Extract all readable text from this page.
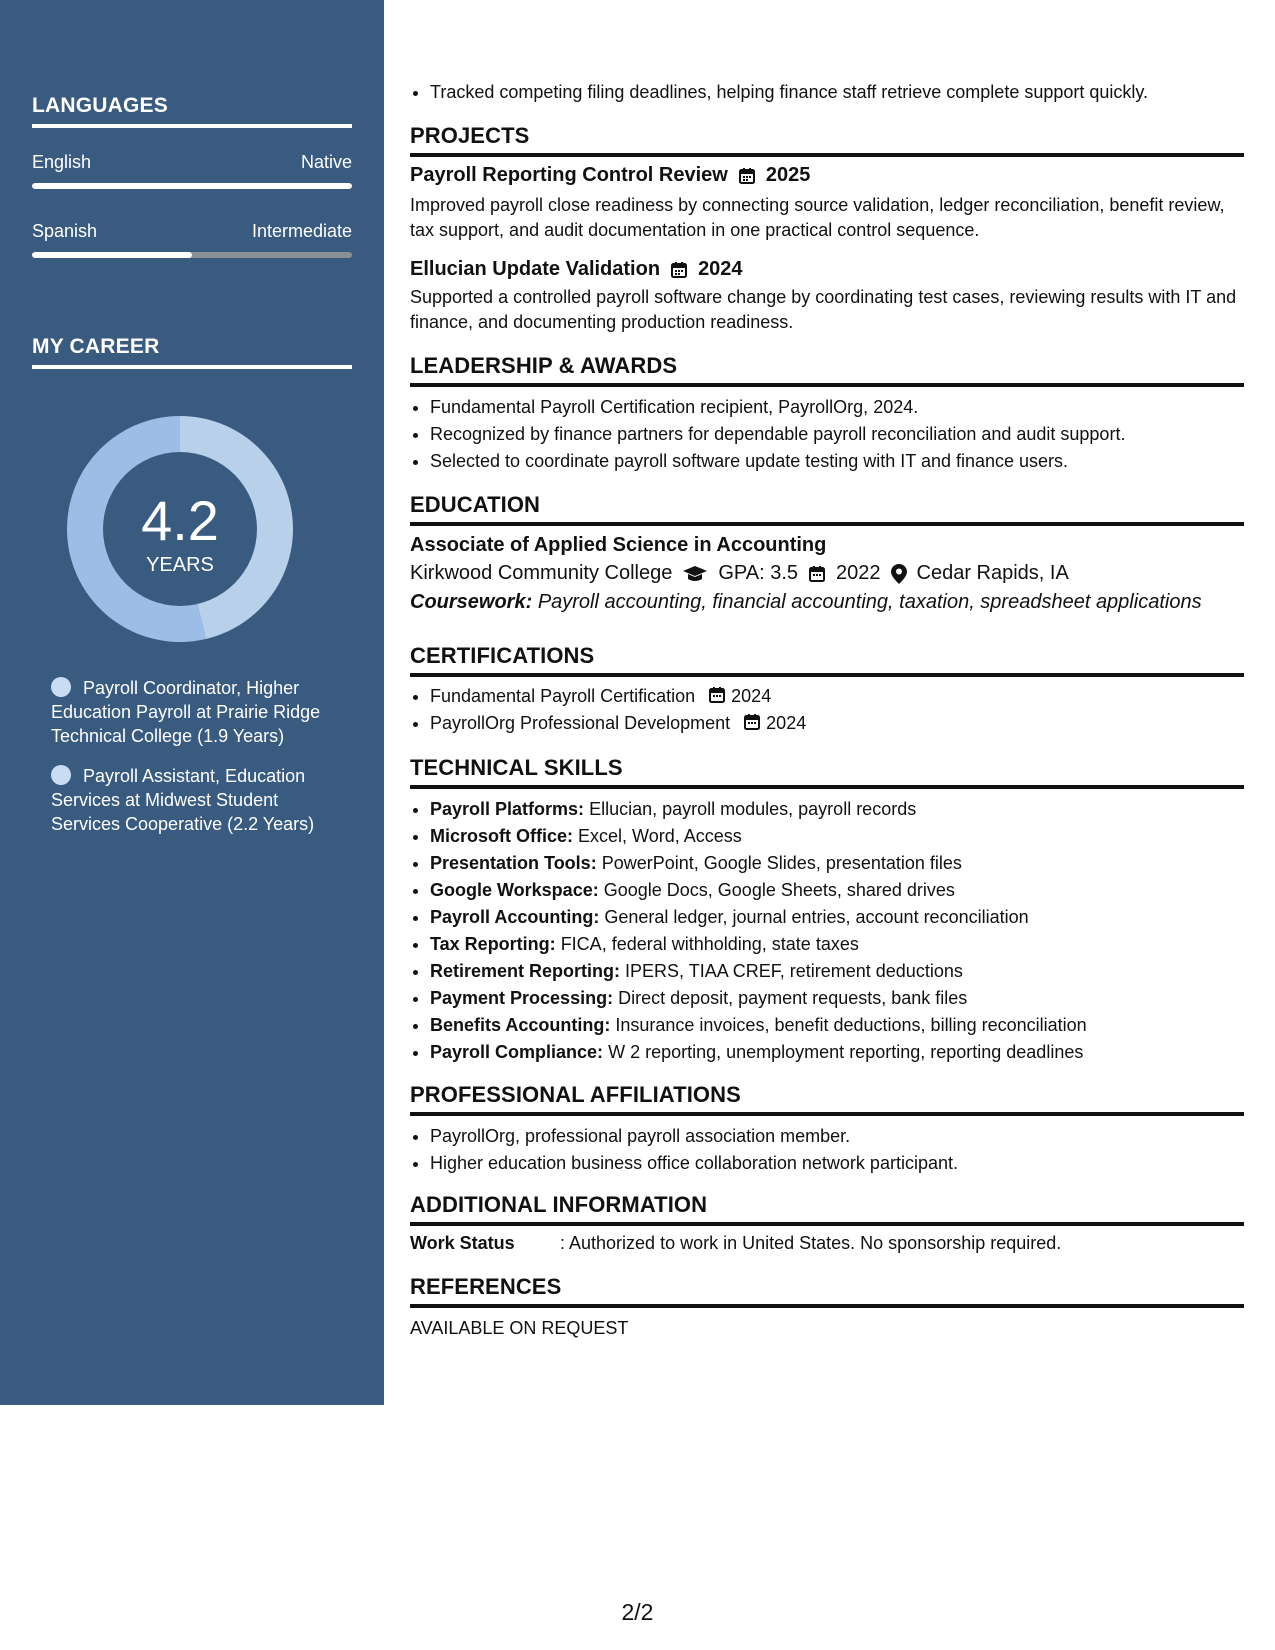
LANGUAGES
English	Native
Spanish	Intermediate
MY CAREER
4.2
YEARS
Payroll Coordinator, Higher Education Payroll at Prairie Ridge Technical College (1.9 Years)
Payroll Assistant, Education Services at Midwest Student Services Cooperative (2.2 Years)
• Tracked competing filing deadlines, helping finance staff retrieve complete support quickly.
PROJECTS
Payroll Reporting Control Review 2025
Improved payroll close readiness by connecting source validation, ledger reconciliation, benefit review, tax support, and audit documentation in one practical control sequence.
Ellucian Update Validation 2024
Supported a controlled payroll software change by coordinating test cases, reviewing results with IT and finance, and documenting production readiness.
LEADERSHIP & AWARDS
• Fundamental Payroll Certification recipient, PayrollOrg, 2024.
• Recognized by finance partners for dependable payroll reconciliation and audit support.
• Selected to coordinate payroll software update testing with IT and finance users.
EDUCATION
Associate of Applied Science in Accounting
Kirkwood Community College GPA: 3.5 2022 Cedar Rapids, IA
Coursework: Payroll accounting, financial accounting, taxation, spreadsheet applications
CERTIFICATIONS
• Fundamental Payroll Certification 2024
• PayrollOrg Professional Development 2024
TECHNICAL SKILLS
• Payroll Platforms: Ellucian, payroll modules, payroll records
• Microsoft Office: Excel, Word, Access
• Presentation Tools: PowerPoint, Google Slides, presentation files
• Google Workspace: Google Docs, Google Sheets, shared drives
• Payroll Accounting: General ledger, journal entries, account reconciliation
• Tax Reporting: FICA, federal withholding, state taxes
• Retirement Reporting: IPERS, TIAA CREF, retirement deductions
• Payment Processing: Direct deposit, payment requests, bank files
• Benefits Accounting: Insurance invoices, benefit deductions, billing reconciliation
• Payroll Compliance: W 2 reporting, unemployment reporting, reporting deadlines
PROFESSIONAL AFFILIATIONS
• PayrollOrg, professional payroll association member.
• Higher education business office collaboration network participant.
ADDITIONAL INFORMATION
Work Status	: Authorized to work in United States. No sponsorship required.
REFERENCES
AVAILABLE ON REQUEST
2/2
